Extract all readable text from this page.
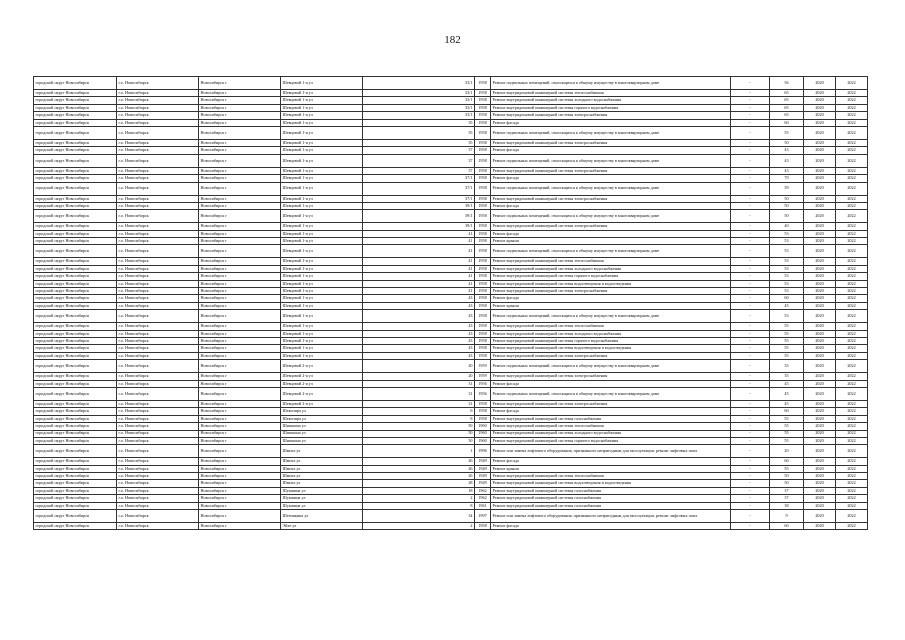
182
городской округ Новосибирск	г.о. Новосибирск	Новосибирск г	Шевцовой 1-я ул	33/1	1958	Ремонт подвальных помещений, относящихся к общему имуществу в многоквартирном доме	-	56	2020	2022
городской округ Новосибирск	г.о. Новосибирск	Новосибирск г	Шевцовой 1-я ул	33/1	1958	Ремонт внутридомовой инженерной системы теплоснабжения	-	65	2020	2022
городской округ Новосибирск	г.о. Новосибирск	Новосибирск г	Шевцовой 1-я ул	33/1	1958	Ремонт внутридомовой инженерной системы холодного водоснабжения	-	65	2020	2022
городской округ Новосибирск	г.о. Новосибирск	Новосибирск г	Шевцовой 1-я ул	33/1	1958	Ремонт внутридомовой инженерной системы горячего водоснабжения	-	65	2020	2022
городской округ Новосибирск	г.о. Новосибирск	Новосибирск г	Шевцовой 1-я ул	33/1	1958	Ремонт внутридомовой инженерной системы электроснабжения	-	65	2020	2022
городской округ Новосибирск	г.о. Новосибирск	Новосибирск г	Шевцовой 1-я ул	35	1958	Ремонт фасада	-	60	2020	2022
городской округ Новосибирск	г.о. Новосибирск	Новосибирск г	Шевцовой 1-я ул	35	1958	Ремонт подвальных помещений, относящихся к общему имуществу в многоквартирном доме	-	55	2020	2022
городской округ Новосибирск	г.о. Новосибирск	Новосибирск г	Шевцовой 1-я ул	35	1958	Ремонт внутридомовой инженерной системы электроснабжения	-	50	2020	2022
городской округ Новосибирск	г.о. Новосибирск	Новосибирск г	Шевцовой 1-я ул	37	1958	Ремонт фасада	-	43	2020	2022
городской округ Новосибирск	г.о. Новосибирск	Новосибирск г	Шевцовой 1-я ул	37	1958	Ремонт подвальных помещений, относящихся к общему имуществу в многоквартирном доме	-	43	2020	2022
городской округ Новосибирск	г.о. Новосибирск	Новосибирск г	Шевцовой 1-я ул	37	1958	Ремонт внутридомовой инженерной системы электроснабжения	-	43	2020	2022
городской округ Новосибирск	г.о. Новосибирск	Новосибирск г	Шевцовой 1-я ул	37/1	1958	Ремонт фасада	-	70	2020	2022
городской округ Новосибирск	г.о. Новосибирск	Новосибирск г	Шевцовой 1-я ул	37/1	1958	Ремонт подвальных помещений, относящихся к общему имуществу в многоквартирном доме	-	59	2020	2022
городской округ Новосибирск	г.о. Новосибирск	Новосибирск г	Шевцовой 1-я ул	37/1	1958	Ремонт внутридомовой инженерной системы электроснабжения	-	50	2020	2022
городской округ Новосибирск	г.о. Новосибирск	Новосибирск г	Шевцовой 1-я ул	39/1	1958	Ремонт фасада	-	50	2020	2022
городской округ Новосибирск	г.о. Новосибирск	Новосибирск г	Шевцовой 1-я ул	39/1	1958	Ремонт подвальных помещений, относящихся к общему имуществу в многоквартирном доме	-	50	2020	2022
городской округ Новосибирск	г.о. Новосибирск	Новосибирск г	Шевцовой 1-я ул	39/1	1958	Ремонт внутридомовой инженерной системы электроснабжения	-	40	2020	2022
городской округ Новосибирск	г.о. Новосибирск	Новосибирск г	Шевцовой 1-я ул	41	1958	Ремонт фасада	-	53	2020	2022
городской округ Новосибирск	г.о. Новосибирск	Новосибирск г	Шевцовой 1-я ул	41	1958	Ремонт крыши	-	53	2020	2022
городской округ Новосибирск	г.о. Новосибирск	Новосибирск г	Шевцовой 1-я ул	41	1958	Ремонт подвальных помещений, относящихся к общему имуществу в многоквартирном доме	-	53	2020	2022
городской округ Новосибирск	г.о. Новосибирск	Новосибирск г	Шевцовой 1-я ул	41	1958	Ремонт внутридомовой инженерной системы теплоснабжения	-	53	2020	2022
городской округ Новосибирск	г.о. Новосибирск	Новосибирск г	Шевцовой 1-я ул	41	1958	Ремонт внутридомовой инженерной системы холодного водоснабжения	-	53	2020	2022
городской округ Новосибирск	г.о. Новосибирск	Новосибирск г	Шевцовой 1-я ул	41	1958	Ремонт внутридомовой инженерной системы горячего водоснабжения	-	53	2020	2022
городской округ Новосибирск	г.о. Новосибирск	Новосибирск г	Шевцовой 1-я ул	41	1958	Ремонт внутридомовой инженерной системы водоотведения и водоотведения	-	53	2020	2022
городской округ Новосибирск	г.о. Новосибирск	Новосибирск г	Шевцовой 1-я ул	41	1958	Ремонт внутридомовой инженерной системы электроснабжения	-	53	2020	2022
городской округ Новосибирск	г.о. Новосибирск	Новосибирск г	Шевцовой 1-я ул	43	1958	Ремонт фасада	-	60	2020	2022
городской округ Новосибирск	г.о. Новосибирск	Новосибирск г	Шевцовой 1-я ул	43	1958	Ремонт крыши	-	45	2020	2022
городской округ Новосибирск	г.о. Новосибирск	Новосибирск г	Шевцовой 1-я ул	43	1958	Ремонт подвальных помещений, относящихся к общему имуществу в многоквартирном доме	-	53	2020	2022
городской округ Новосибирск	г.о. Новосибирск	Новосибирск г	Шевцовой 1-я ул	43	1958	Ремонт внутридомовой инженерной системы теплоснабжения	-	55	2020	2022
городской округ Новосибирск	г.о. Новосибирск	Новосибирск г	Шевцовой 1-я ул	43	1958	Ремонт внутридомовой инженерной системы холодного водоснабжения	-	55	2020	2022
городской округ Новосибирск	г.о. Новосибирск	Новосибирск г	Шевцовой 1-я ул	43	1958	Ремонт внутридомовой инженерной системы горячего водоснабжения	-	55	2020	2022
городской округ Новосибирск	г.о. Новосибирск	Новосибирск г	Шевцовой 1-я ул	43	1958	Ремонт внутридомовой инженерной системы водоотведения и водоотведения	-	55	2020	2022
городской округ Новосибирск	г.о. Новосибирск	Новосибирск г	Шевцовой 1-я ул	43	1958	Ремонт внутридомовой инженерной системы электроснабжения	-	55	2020	2022
городской округ Новосибирск	г.о. Новосибирск	Новосибирск г	Шевцовой 2-я ул	20	1959	Ремонт подвальных помещений, относящихся к общему имуществу в многоквартирном доме	-	35	2020	2022
городской округ Новосибирск	г.о. Новосибирск	Новосибирск г	Шевцовой 2-я ул	20	1959	Ремонт внутридомовой инженерной системы электроснабжения	-	35	2020	2022
городской округ Новосибирск	г.о. Новосибирск	Новосибирск г	Шевцовой 2-я ул	31	1956	Ремонт фасада	-	45	2020	2022
городской округ Новосибирск	г.о. Новосибирск	Новосибирск г	Шевцовой 2-я ул	31	1956	Ремонт подвальных помещений, относящихся к общему имуществу в многоквартирном доме	-	45	2020	2022
городской округ Новосибирск	г.о. Новосибирск	Новосибирск г	Шевцовой 2-я ул	31	1958	Ремонт внутридомовой инженерной системы электроснабжения	-	45	2020	2022
городской округ Новосибирск	г.о. Новосибирск	Новосибирск г	Шекспира ул	6	1958	Ремонт фасада	-	60	2020	2022
городской округ Новосибирск	г.о. Новосибирск	Новосибирск г	Шекспира ул	8	1958	Ремонт внутридомовой инженерной системы газоснабжения	-	55	2020	2022
городской округ Новосибирск	г.о. Новосибирск	Новосибирск г	Шишкина ул	50	1960	Ремонт внутридомовой инженерной системы теплоснабжения	-	55	2020	2022
городской округ Новосибирск	г.о. Новосибирск	Новосибирск г	Шишкина ул	50	1960	Ремонт внутридомовой инженерной системы холодного водоснабжения	-	55	2020	2022
городской округ Новосибирск	г.о. Новосибирск	Новосибирск г	Шишкина ул	50	1960	Ремонт внутридомовой инженерной системы горячего водоснабжения	-	55	2020	2022
городской округ Новосибирск	г.о. Новосибирск	Новосибирск г	Шмита ул	1	1996	Ремонт или замена лифтового оборудования, признанного непригодным для эксплуатации, ремонт лифтовых шахт	-	20	2020	2022
городской округ Новосибирск	г.о. Новосибирск	Новосибирск г	Шмита ул	26	1949	Ремонт фасада	-	60	2020	2022
городской округ Новосибирск	г.о. Новосибирск	Новосибирск г	Шмита ул	26	1949	Ремонт крыши	-	55	2020	2022
городской округ Новосибирск	г.о. Новосибирск	Новосибирск г	Шмита ул	26	1949	Ремонт внутридомовой инженерной системы теплоснабжения	-	50	2020	2022
городской округ Новосибирск	г.о. Новосибирск	Новосибирск г	Шмита ул	28	1949	Ремонт внутридомовой инженерной системы водоотведения и водоотведения	-	50	2020	2022
городской округ Новосибирск	г.о. Новосибирск	Новосибирск г	Шукшина ул	18	1962	Ремонт внутридомовой инженерной системы газоснабжения	-	37	2020	2022
городской округ Новосибирск	г.о. Новосибирск	Новосибирск г	Шукшина ул	2	1962	Ремонт внутридомовой инженерной системы газоснабжения	-	37	2020	2022
городской округ Новосибирск	г.о. Новосибирск	Новосибирск г	Шукшина ул	8	1961	Ремонт внутридомовой инженерной системы газоснабжения	-	38	2020	2022
городской округ Новосибирск	г.о. Новосибирск	Новосибирск г	Шетинкина ул	34	1997	Ремонт или замена лифтового оборудования, признанного непригодным для эксплуатации, ремонт лифтовых шахт	-	9	2020	2022
городской округ Новосибирск	г.о. Новосибирск	Новосибирск г	Эйхе ул	2	1958	Ремонт фасада	-	60	2020	2022
